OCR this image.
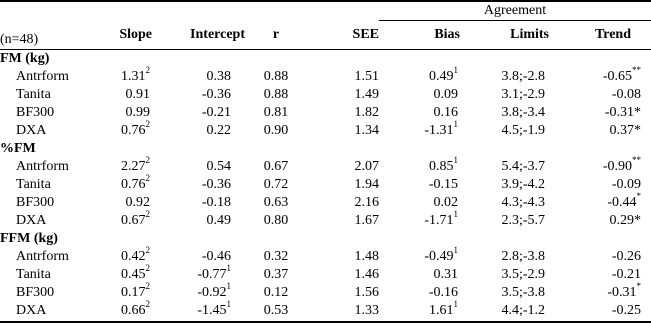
					Agreement		
(n=48)	Slope	Intercept	r	SEE	Bias	Limits	Trend
FM (kg)							
Antrform	1.31$^2$	0.38	0.88	1.51	0.49$^1$	3.8;-2.8	-0.65**
Tanita	0.91	-0.36	0.88	1.49	0.09	3.1;-2.9	-0.08
BF300	0.99	-0.21	0.81	1.82	0.16	3.8;-3.4	-0.31*
DXA	0.76$^2$	0.22	0.90	1.34	-1.31$^1$	4.5;-1.9	0.37*
%FM							
Antrform	2.27$^2$	0.54	0.67	2.07	0.85$^1$	5.4;-3.7	-0.90**
Tanita	0.76$^2$	-0.36	0.72	1.94	-0.15	3.9;-4.2	-0.09
BF300	0.92	-0.18	0.63	2.16	0.02	4.3;-4.3	-0.44*
DXA	0.67$^2$	0.49	0.80	1.67	-1.71$^1$	2.3;-5.7	0.29*
FFM (kg)							
Antrform	0.42$^2$	-0.46	0.32	1.48	-0.49$^1$	2.8;-3.8	-0.26
Tanita	0.45$^2$	-0.77$^1$	0.37	1.46	0.31	3.5;-2.9	-0.21
BF300	0.17$^2$	-0.92$^1$	0.12	1.56	-0.16	3.5;-3.8	-0.31*
DXA	0.66$^2$	-1.45$^1$	0.53	1.33	1.61$^1$	4.4;-1.2	-0.25
